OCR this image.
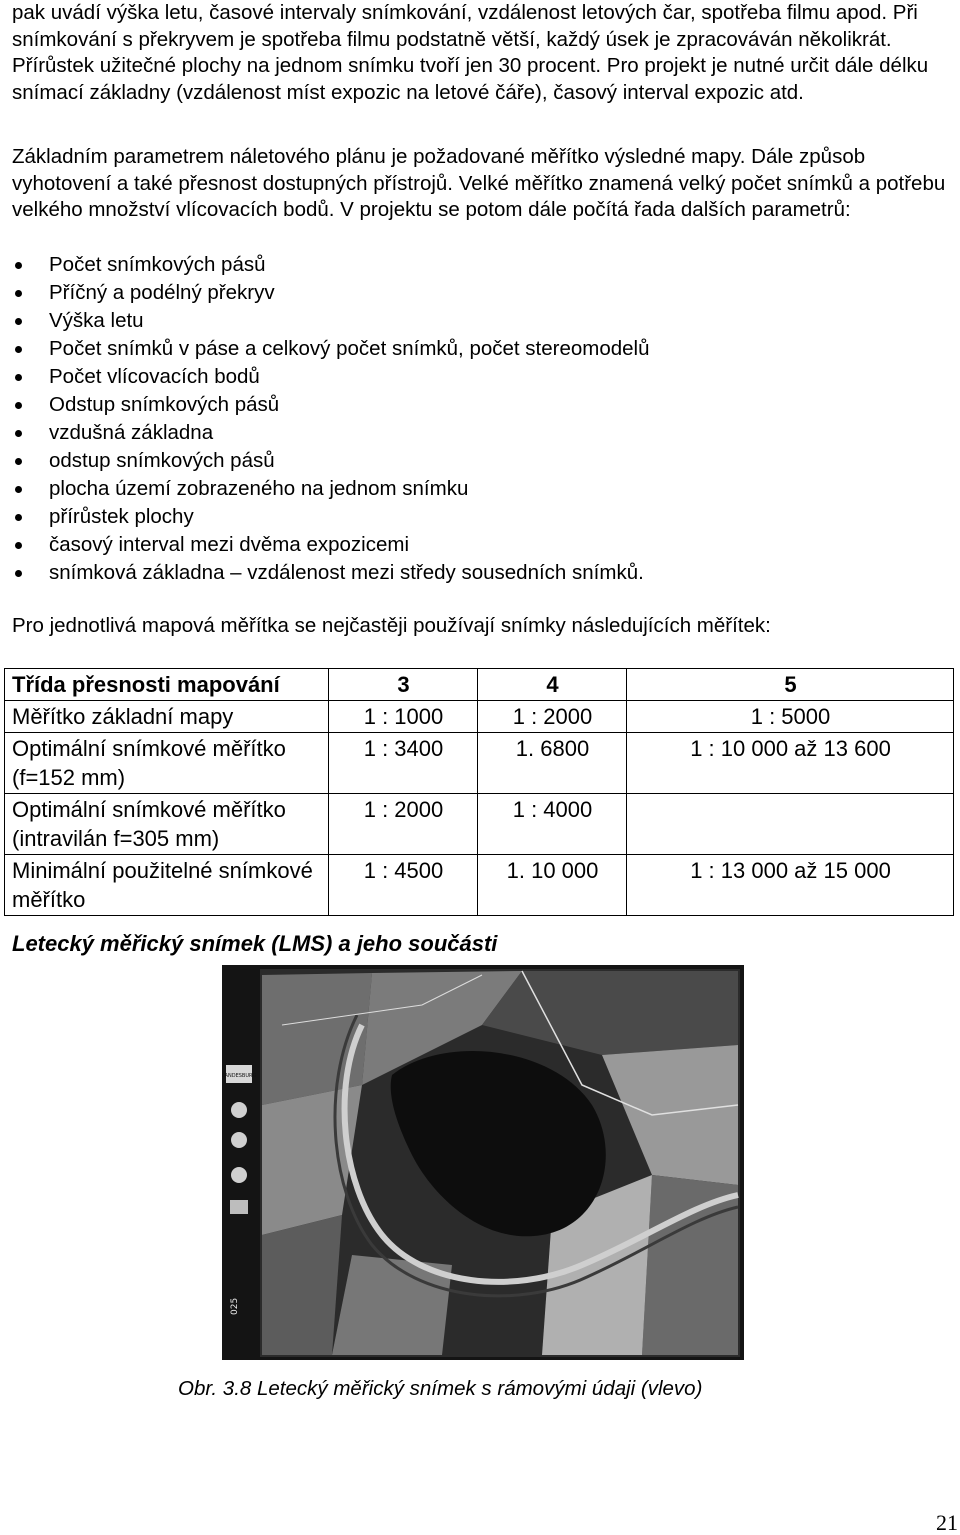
pak uvádí výška letu, časové intervaly snímkování, vzdálenost letových čar, spotřeba filmu apod. Při snímkování s překryvem je spotřeba filmu podstatně větší, každý úsek je zpracováván několikrát. Přírůstek užitečné plochy na jednom snímku tvoří jen 30 procent. Pro projekt je nutné určit dále délku snímací základny (vzdálenost míst expozic na letové čáře), časový interval expozic atd.

Základním parametrem náletového plánu je požadované měřítko výsledné mapy. Dále způsob vyhotovení a také přesnost dostupných přístrojů. Velké měřítko znamená velký počet snímků a potřebu velkého množství vlícovacích bodů. V projektu se potom dále počítá řada dalších parametrů:

Počet snímkových pásů
Příčný a podélný překryv
Výška letu
Počet snímků v páse a celkový počet snímků, počet stereomodelů
Počet vlícovacích bodů
Odstup snímkových pásů
vzdušná základna
odstup snímkových pásů
plocha území zobrazeného na jednom snímku
přírůstek plochy
časový interval mezi dvěma expozicemi
snímková základna – vzdálenost mezi středy sousedních snímků.
Pro jednotlivá mapová měřítka se nejčastěji používají snímky následujících měřítek:
Třída přesnosti mapování	3	4	5
Měřítko základní mapy	1 : 1000	1 : 2000	1 : 5000
Optimální snímkové měřítko (f=152 mm)	1 : 3400	1. 6800	1 : 10 000 až 13 600
Optimální snímkové měřítko (intravilán f=305 mm)	1 : 2000	1 : 4000	
Minimální použitelné snímkové měřítko	1 : 4500	1. 10 000	1 : 13 000 až 15 000
Letecký měřický snímek (LMS) a jeho součásti
LANDESBURG
025
Obr. 3.8 Letecký měřický snímek s rámovými údaji (vlevo)
21
